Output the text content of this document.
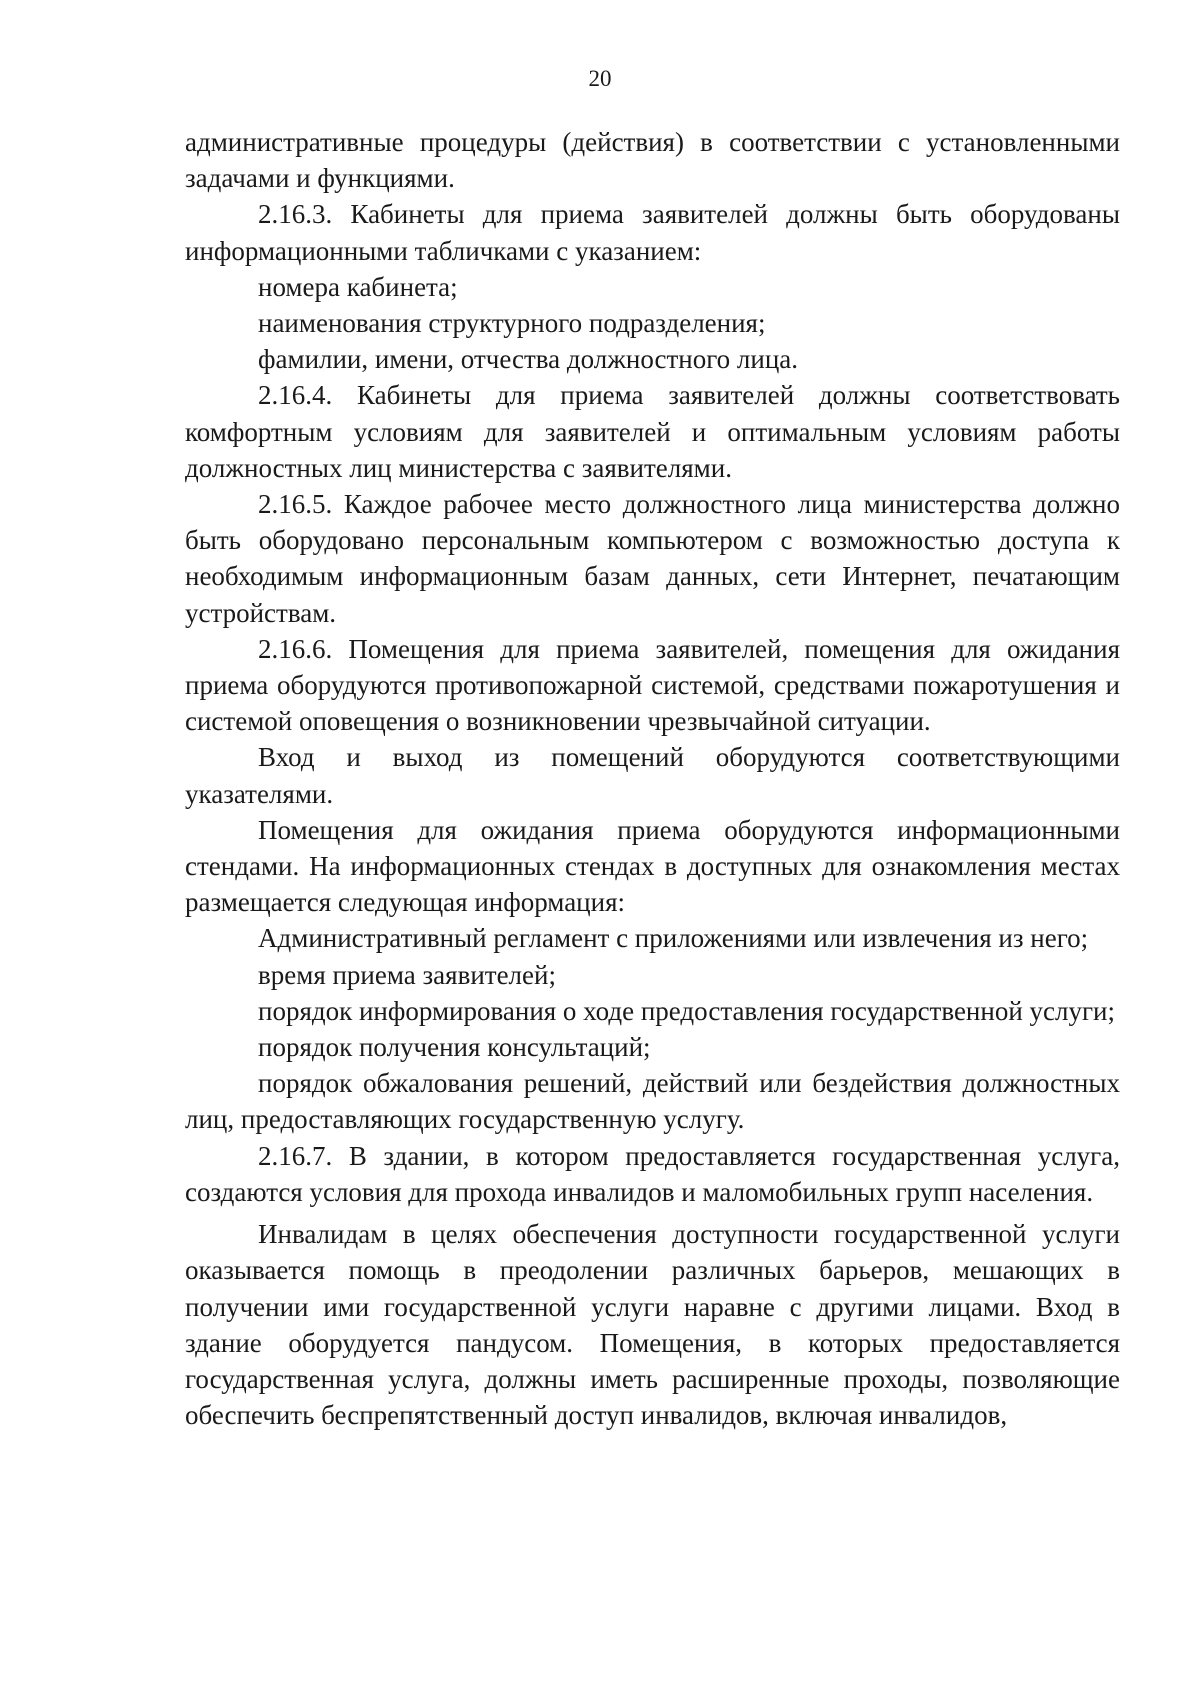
20

административные процедуры (действия) в соответствии с установленными задачами и функциями.

2.16.3. Кабинеты для приема заявителей должны быть оборудованы информационными табличками с указанием:

номера кабинета;

наименования структурного подразделения;

фамилии, имени, отчества должностного лица.

2.16.4. Кабинеты для приема заявителей должны соответствовать комфортным условиям для заявителей и оптимальным условиям работы должностных лиц министерства с заявителями.

2.16.5. Каждое рабочее место должностного лица министерства должно быть оборудовано персональным компьютером с возможностью доступа к необходимым информационным базам данных, сети Интернет, печатающим устройствам.

2.16.6. Помещения для приема заявителей, помещения для ожидания приема оборудуются противопожарной системой, средствами пожаротушения и системой оповещения о возникновении чрезвычайной ситуации.

Вход и выход из помещений оборудуются соответствующими указателями.

Помещения для ожидания приема оборудуются информационными стендами. На информационных стендах в доступных для ознакомления местах размещается следующая информация:

Административный регламент с приложениями или извлечения из него;

время приема заявителей;

порядок информирования о ходе предоставления государственной услуги;

порядок получения консультаций;

порядок обжалования решений, действий или бездействия должностных лиц, предоставляющих государственную услугу.

2.16.7. В здании, в котором предоставляется государственная услуга, создаются условия для прохода инвалидов и маломобильных групп населения.

Инвалидам в целях обеспечения доступности государственной услуги оказывается помощь в преодолении различных барьеров, мешающих в получении ими государственной услуги наравне с другими лицами. Вход в здание оборудуется пандусом. Помещения, в которых предоставляется государственная услуга, должны иметь расширенные проходы, позволяющие обеспечить беспрепятственный доступ инвалидов, включая инвалидов,
